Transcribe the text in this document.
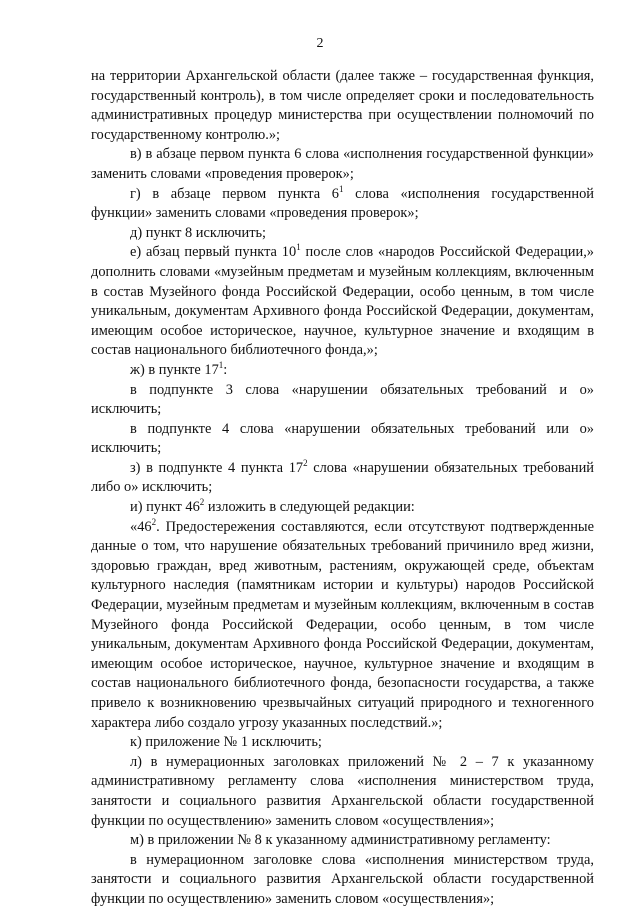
2

на территории Архангельской области (далее также – государственная функция, государственный контроль), в том числе определяет сроки и последовательность административных процедур министерства при осуществлении полномочий по государственному контролю.»;

в) в абзаце первом пункта 6 слова «исполнения государственной функции» заменить словами «проведения проверок»;

г) в абзаце первом пункта $6^1$ слова «исполнения государственной функции» заменить словами «проведения проверок»;

д) пункт 8 исключить;

е) абзац первый пункта $10^1$ после слов «народов Российской Федерации,» дополнить словами «музейным предметам и музейным коллекциям, включенным в состав Музейного фонда Российской Федерации, особо ценным, в том числе уникальным, документам Архивного фонда Российской Федерации, документам, имеющим особое историческое, научное, культурное значение и входящим в состав национального библиотечного фонда,»;

ж) в пункте $17^1$:

в подпункте 3 слова «нарушении обязательных требований и о» исключить;

в подпункте 4 слова «нарушении обязательных требований или о» исключить;

з) в подпункте 4 пункта $17^2$ слова «нарушении обязательных требований либо о» исключить;

и) пункт $46^2$ изложить в следующей редакции:

«$46^2$. Предостережения составляются, если отсутствуют подтвержденные данные о том, что нарушение обязательных требований причинило вред жизни, здоровью граждан, вред животным, растениям, окружающей среде, объектам культурного наследия (памятникам истории и культуры) народов Российской Федерации, музейным предметам и музейным коллекциям, включенным в состав Музейного фонда Российской Федерации, особо ценным, в том числе уникальным, документам Архивного фонда Российской Федерации, документам, имеющим особое историческое, научное, культурное значение и входящим в состав национального библиотечного фонда, безопасности государства, а также привело к возникновению чрезвычайных ситуаций природного и техногенного характера либо создало угрозу указанных последствий.»;

к) приложение № 1 исключить;

л) в нумерационных заголовках приложений № 2 – 7 к указанному административному регламенту слова «исполнения министерством труда, занятости и социального развития Архангельской области государственной функции по осуществлению» заменить словом «осуществления»;

м) в приложении № 8 к указанному административному регламенту:

в нумерационном заголовке слова «исполнения министерством труда, занятости и социального развития Архангельской области государственной функции по осуществлению» заменить словом «осуществления»;
